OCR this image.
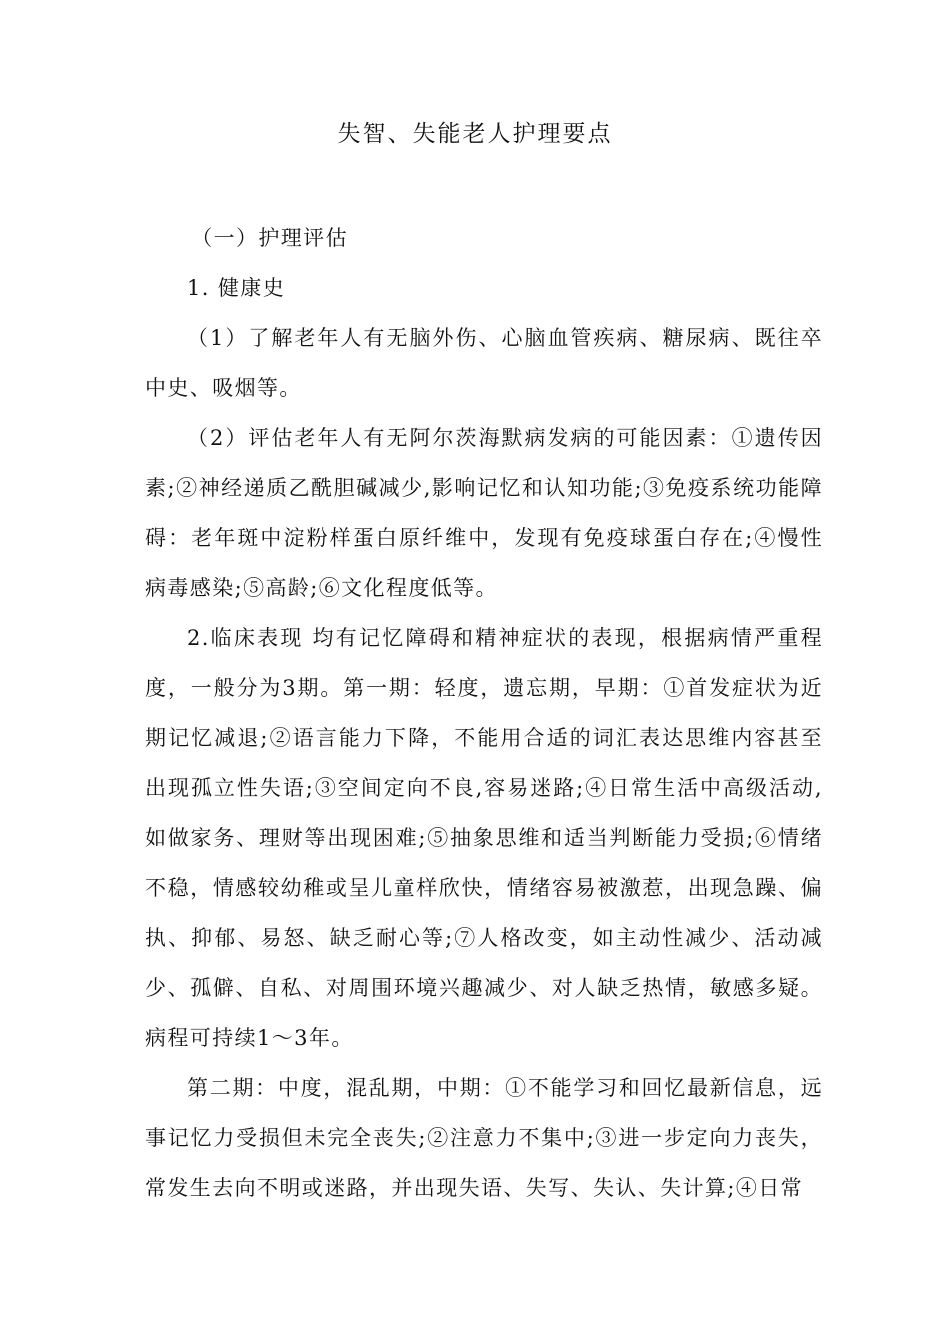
失智、失能老人护理要点

（一）护理评估

1. 健康史

（1）了解老年人有无脑外伤、心脑血管疾病、糖尿病、既往卒中史、吸烟等。

（2）评估老年人有无阿尔茨海默病发病的可能因素：①遗传因素;②神经递质乙酰胆碱减少,影响记忆和认知功能;③免疫系统功能障碍：老年斑中淀粉样蛋白原纤维中，发现有免疫球蛋白存在;④慢性病毒感染;⑤高龄;⑥文化程度低等。

2.临床表现 均有记忆障碍和精神症状的表现，根据病情严重程度，一般分为3期。第一期：轻度，遗忘期，早期：①首发症状为近期记忆减退;②语言能力下降，不能用合适的词汇表达思维内容甚至出现孤立性失语;③空间定向不良,容易迷路;④日常生活中高级活动,如做家务、理财等出现困难;⑤抽象思维和适当判断能力受损;⑥情绪不稳，情感较幼稚或呈儿童样欣快，情绪容易被激惹，出现急躁、偏执、抑郁、易怒、缺乏耐心等;⑦人格改变，如主动性减少、活动减少、孤僻、自私、对周围环境兴趣减少、对人缺乏热情，敏感多疑。病程可持续1～3年。

第二期：中度，混乱期，中期：①不能学习和回忆最新信息，远事记忆力受损但未完全丧失;②注意力不集中;③进一步定向力丧失，常发生去向不明或迷路，并出现失语、失写、失认、失计算;④日常
